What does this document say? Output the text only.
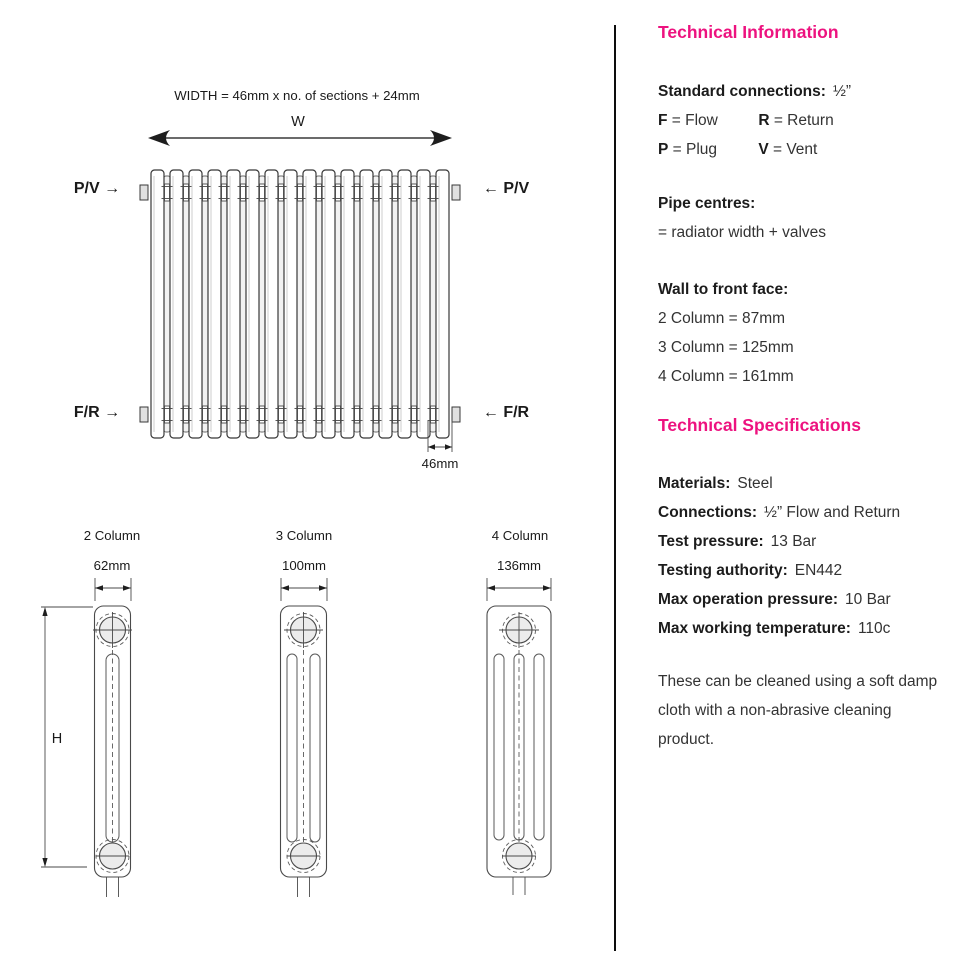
WIDTH = 46mm x no. of sections + 24mm
W
P/V →	← P/V
F/R →	← F/R
46mm
2 Column	3 Column	4 Column
62mm	100mm	136mm
H
Technical Information
Standard connections: ½”
F = Flow	R = Return
P = Plug	V = Vent
Pipe centres:
= radiator width + valves
Wall to front face:
2 Column = 87mm
3 Column = 125mm
4 Column = 161mm
Technical Specifications
Materials: Steel
Connections: ½” Flow and Return
Test pressure: 13 Bar
Testing authority: EN442
Max operation pressure: 10 Bar
Max working temperature: 110c

These can be cleaned using a soft damp cloth with a non-abrasive cleaning product.
